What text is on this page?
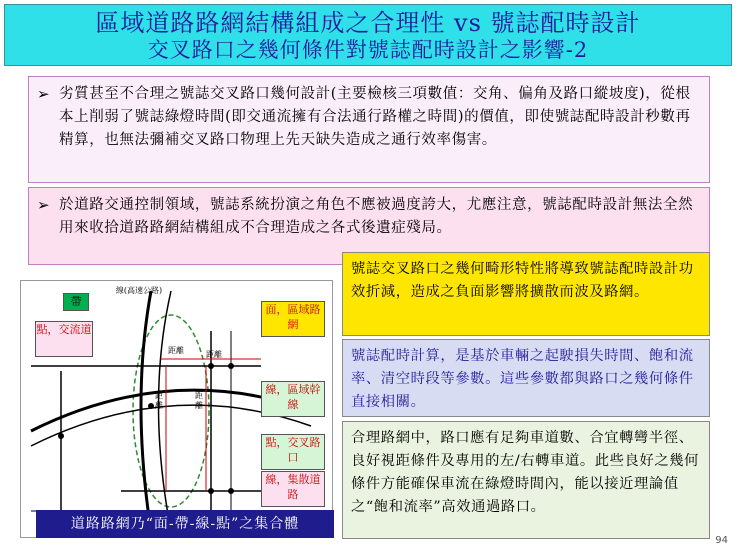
區域道路路網結構組成之合理性 vs 號誌配時設計
交叉路口之幾何條件對號誌配時設計之影響-2
➢ 劣質甚至不合理之號誌交叉路口幾何設計(主要檢核三項數值：交角、偏角及路口縱坡度)，從根本上削弱了號誌綠燈時間(即交通流擁有合法通行路權之時間)的價值，即使號誌配時設計秒數再精算，也無法彌補交叉路口物理上先天缺失造成之通行效率傷害。
➢ 於道路交通控制領域，號誌系統扮演之角色不應被過度誇大，尤應注意，號誌配時設計無法全然用來收拾道路路網結構組成不合理造成之各式後遺症殘局。
帶
線(高速公路)
點，交流道
面，區域路網
線，區域幹線
點，交叉路口
線，集散道路
距離	距離
距離
距離
道路路網乃“面-帶-線-點”之集合體
號誌交叉路口之幾何畸形特性將導致號誌配時設計功效折減，造成之負面影響將擴散而波及路網。
號誌配時計算，是基於車輛之起駛損失時間、飽和流率、清空時段等參數。這些參數都與路口之幾何條件直接相關。
合理路網中，路口應有足夠車道數、合宜轉彎半徑、良好視距條件及專用的左/右轉車道。此些良好之幾何條件方能確保車流在綠燈時間內，能以接近理論值之“飽和流率”高效通過路口。
94
